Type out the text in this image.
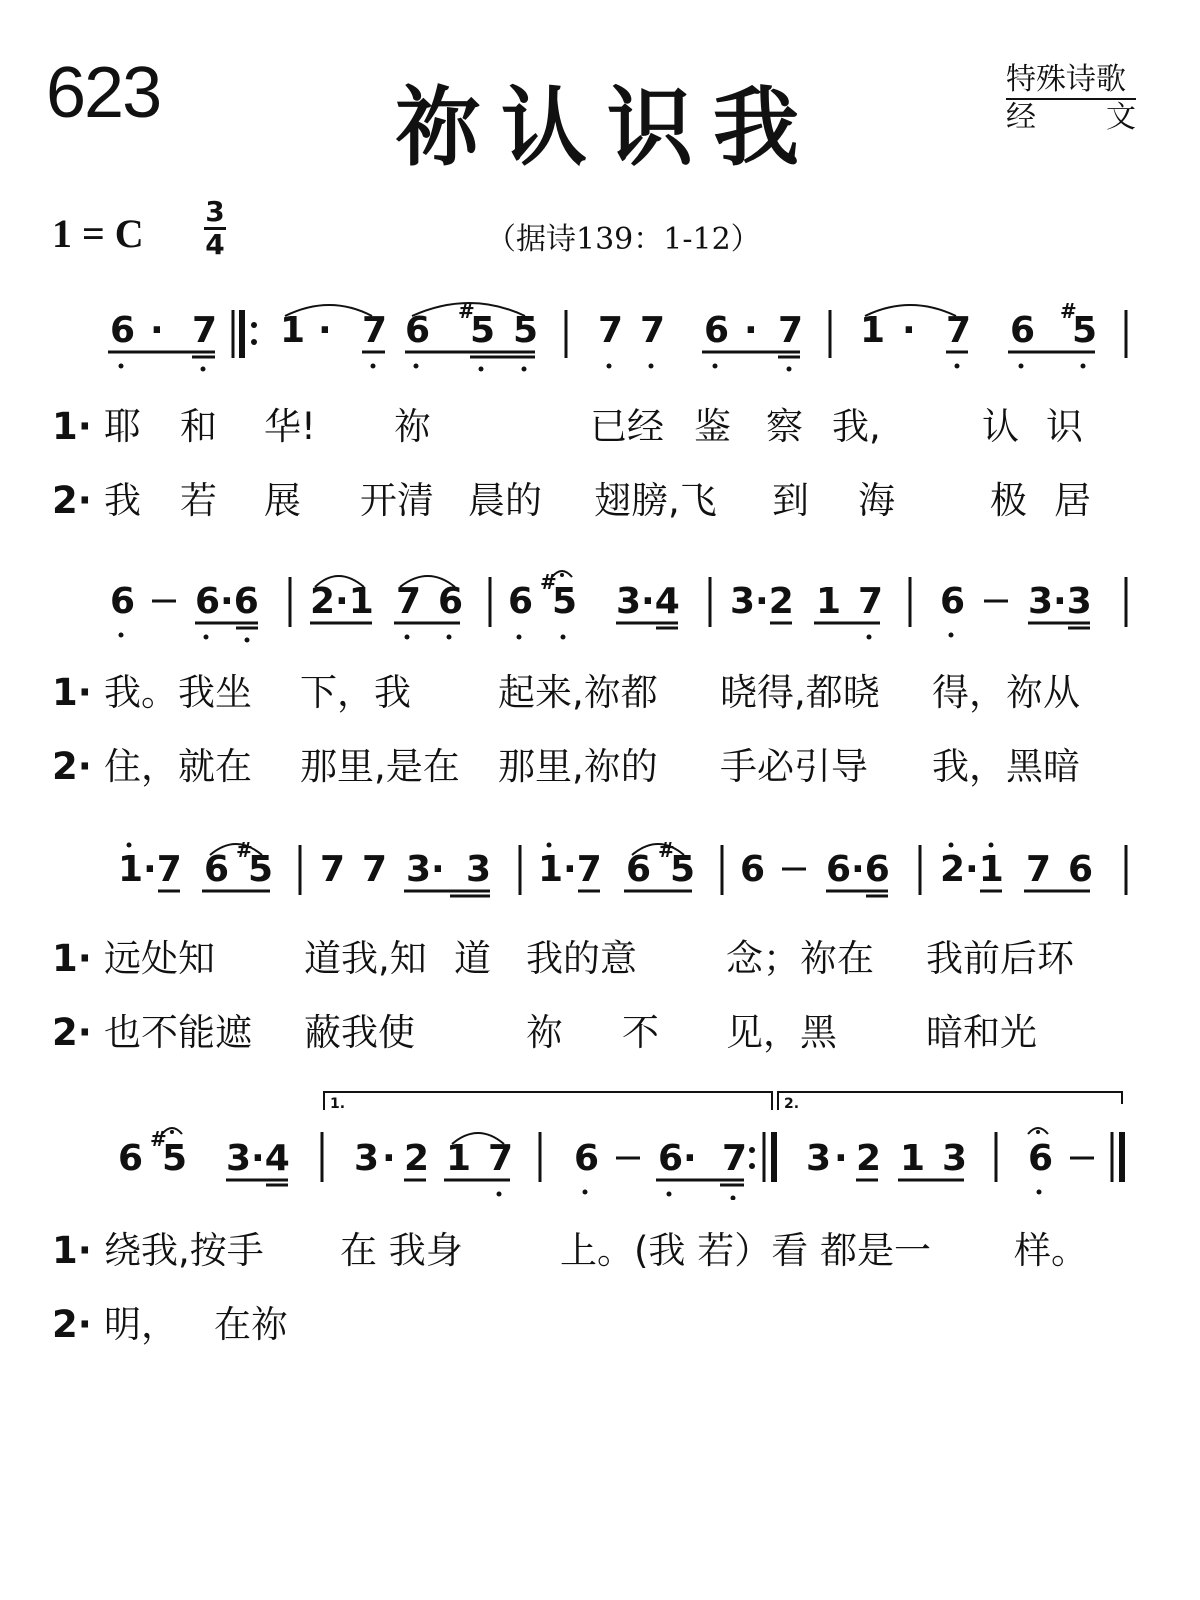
623	祢认识我	特殊诗歌
经 文
1 = C 3
4	（据诗139：1-12）
6 · 7 1 · 7 6 #
5 5 7 7 6 · 7 1 · 7 6 #
5
1· 耶	和	华!	祢	已经 鉴 察 我,	认 识
2· 我	若	展	开清 晨的	翅膀,飞	到	海	极 居
6 6·6 2·1 7 6 6 #
5 3·4 3·2 1 7 6 3·3
1· 我。我坐	下，我	起来,祢都	晓得,都晓	得，祢从
2· 住，就在	那里,是在	那里,祢的	手必引导	我，黑暗
1·7 6 #
5 7 7 3· 3 1·7 6 #
5 6 6·6 2·1 7 6
1· 远处知	道我,知 道 我的意	念；祢在	我前后环
2· 也不能遮	蔽我使	祢	不	见，黑	暗和光
1.	2.
6 #
5 3·4 3 · 2 1 7 6 6· 7 3 · 2 1 3 6
1· 绕我,按手	在 我身	上。(我 若）看 都是一	样。
2· 明， 在祢
